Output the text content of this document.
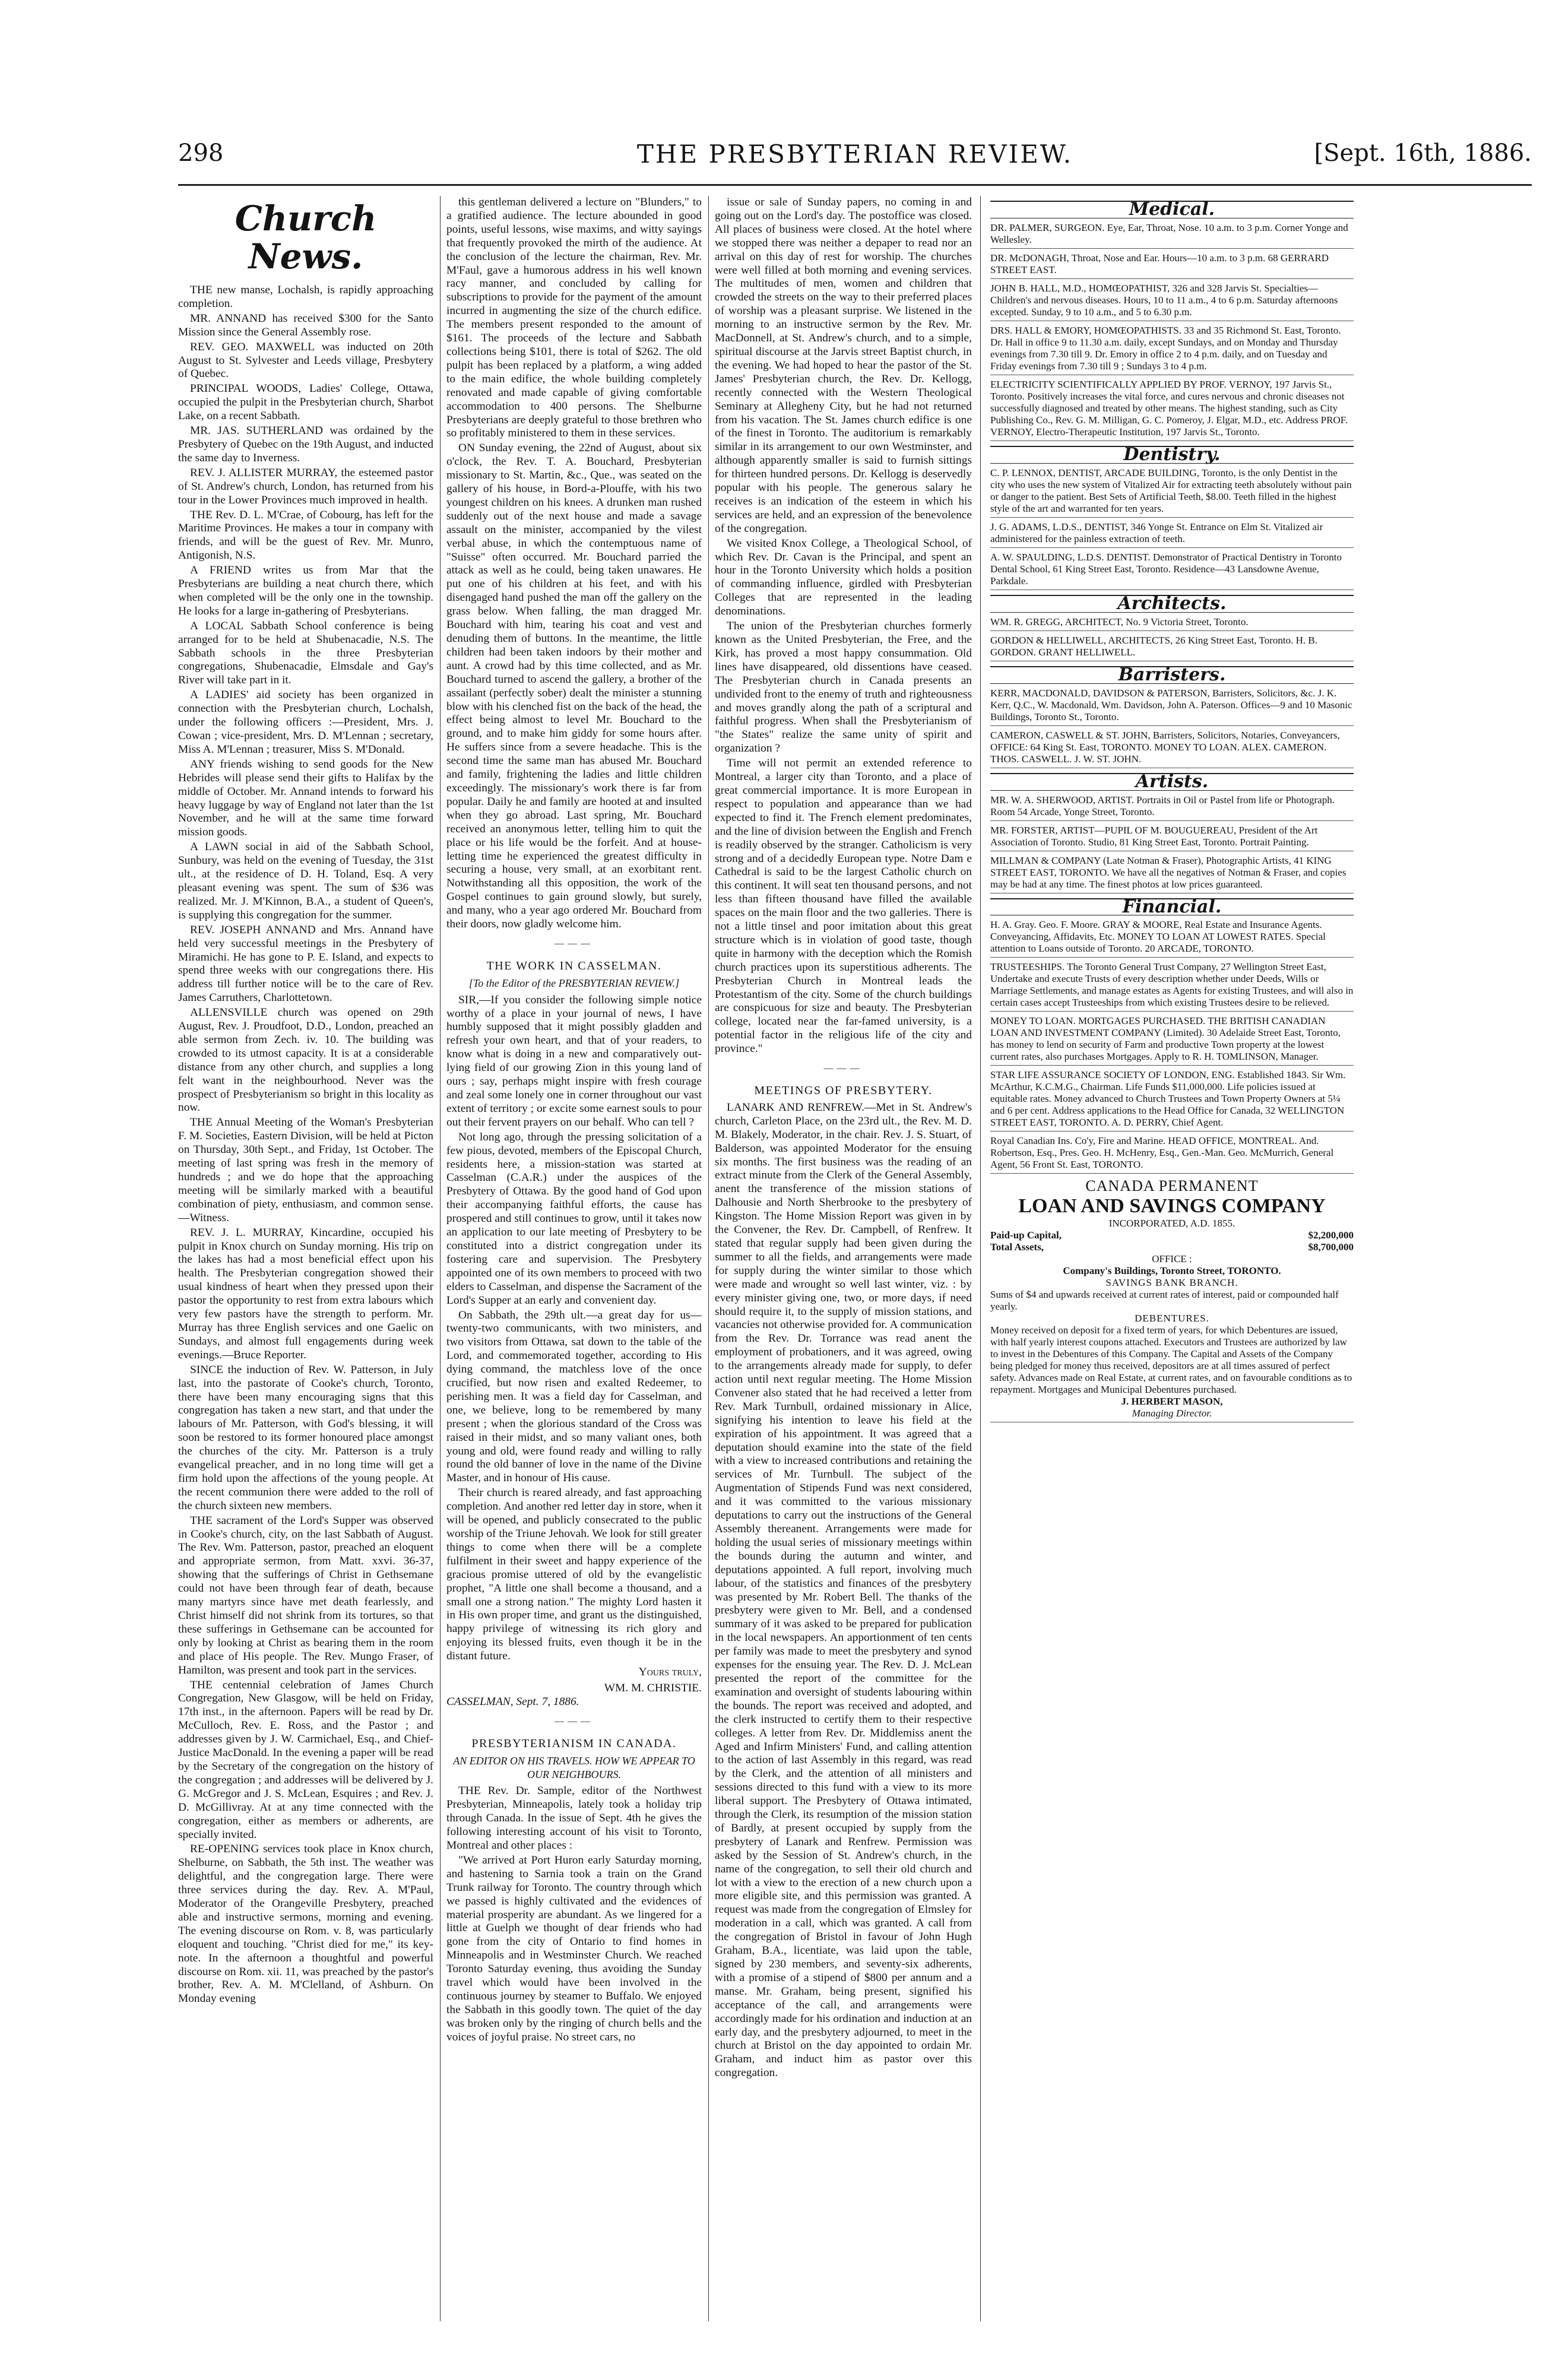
298	THE PRESBYTERIAN REVIEW.	[Sept. 16th, 1886.
Church News.

THE new manse, Lochalsh, is rapidly approaching completion.

MR. ANNAND has received $300 for the Santo Mission since the General Assembly rose.

REV. GEO. MAXWELL was inducted on 20th August to St. Sylvester and Leeds village, Presbytery of Quebec.

PRINCIPAL WOODS, Ladies' College, Ottawa, occupied the pulpit in the Presbyterian church, Sharbot Lake, on a recent Sabbath.

MR. JAS. SUTHERLAND was ordained by the Presbytery of Quebec on the 19th August, and inducted the same day to Inverness.

REV. J. ALLISTER MURRAY, the esteemed pastor of St. Andrew's church, London, has returned from his tour in the Lower Provinces much improved in health.

THE Rev. D. L. M'Crae, of Cobourg, has left for the Maritime Provinces. He makes a tour in company with friends, and will be the guest of Rev. Mr. Munro, Antigonish, N.S.

A FRIEND writes us from Mar that the Presbyterians are building a neat church there, which when completed will be the only one in the township. He looks for a large in-gathering of Presbyterians.

A LOCAL Sabbath School conference is being arranged for to be held at Shubenacadie, N.S. The Sabbath schools in the three Presbyterian congregations, Shubenacadie, Elmsdale and Gay's River will take part in it.

A LADIES' aid society has been organized in connection with the Presbyterian church, Lochalsh, under the following officers :—President, Mrs. J. Cowan ; vice-president, Mrs. D. M'Lennan ; secretary, Miss A. M'Lennan ; treasurer, Miss S. M'Donald.

ANY friends wishing to send goods for the New Hebrides will please send their gifts to Halifax by the middle of October. Mr. Annand intends to forward his heavy luggage by way of England not later than the 1st November, and he will at the same time forward mission goods.

A LAWN social in aid of the Sabbath School, Sunbury, was held on the evening of Tuesday, the 31st ult., at the residence of D. H. Toland, Esq. A very pleasant evening was spent. The sum of $36 was realized. Mr. J. M'Kinnon, B.A., a student of Queen's, is supplying this congregation for the summer.

REV. JOSEPH ANNAND and Mrs. Annand have held very successful meetings in the Presbytery of Miramichi. He has gone to P. E. Island, and expects to spend three weeks with our congregations there. His address till further notice will be to the care of Rev. James Carruthers, Charlottetown.

ALLENSVILLE church was opened on 29th August, Rev. J. Proudfoot, D.D., London, preached an able sermon from Zech. iv. 10. The building was crowded to its utmost capacity. It is at a considerable distance from any other church, and supplies a long felt want in the neighbourhood. Never was the prospect of Presbyterianism so bright in this locality as now.

THE Annual Meeting of the Woman's Presbyterian F. M. Societies, Eastern Division, will be held at Picton on Thursday, 30th Sept., and Friday, 1st October. The meeting of last spring was fresh in the memory of hundreds ; and we do hope that the approaching meeting will be similarly marked with a beautiful combination of piety, enthusiasm, and common sense.—Witness.

REV. J. L. MURRAY, Kincardine, occupied his pulpit in Knox church on Sunday morning. His trip on the lakes has had a most beneficial effect upon his health. The Presbyterian congregation showed their usual kindness of heart when they pressed upon their pastor the opportunity to rest from extra labours which very few pastors have the strength to perform. Mr. Murray has three English services and one Gaelic on Sundays, and almost full engagements during week evenings.—Bruce Reporter.

SINCE the induction of Rev. W. Patterson, in July last, into the pastorate of Cooke's church, Toronto, there have been many encouraging signs that this congregation has taken a new start, and that under the labours of Mr. Patterson, with God's blessing, it will soon be restored to its former honoured place amongst the churches of the city. Mr. Patterson is a truly evangelical preacher, and in no long time will get a firm hold upon the affections of the young people. At the recent communion there were added to the roll of the church sixteen new members.

THE sacrament of the Lord's Supper was observed in Cooke's church, city, on the last Sabbath of August. The Rev. Wm. Patterson, pastor, preached an eloquent and appropriate sermon, from Matt. xxvi. 36-37, showing that the sufferings of Christ in Gethsemane could not have been through fear of death, because many martyrs since have met death fearlessly, and Christ himself did not shrink from its tortures, so that these sufferings in Gethsemane can be accounted for only by looking at Christ as bearing them in the room and place of His people. The Rev. Mungo Fraser, of Hamilton, was present and took part in the services.

THE centennial celebration of James Church Congregation, New Glasgow, will be held on Friday, 17th inst., in the afternoon. Papers will be read by Dr. McCulloch, Rev. E. Ross, and the Pastor ; and addresses given by J. W. Carmichael, Esq., and Chief-Justice MacDonald. In the evening a paper will be read by the Secretary of the congregation on the history of the congregation ; and addresses will be delivered by J. G. McGregor and J. S. McLean, Esquires ; and Rev. J. D. McGillivray. At at any time connected with the congregation, either as members or adherents, are specially invited.

RE-OPENING services took place in Knox church, Shelburne, on Sabbath, the 5th inst. The weather was delightful, and the congregation large. There were three services during the day. Rev. A. M'Paul, Moderator of the Orangeville Presbytery, preached able and instructive sermons, morning and evening. The evening discourse on Rom. v. 8, was particularly eloquent and touching. "Christ died for me," its key-note. In the afternoon a thoughtful and powerful discourse on Rom. xii. 11, was preached by the pastor's brother, Rev. A. M. M'Clelland, of Ashburn. On Monday evening

this gentleman delivered a lecture on "Blunders," to a gratified audience. The lecture abounded in good points, useful lessons, wise maxims, and witty sayings that frequently provoked the mirth of the audience. At the conclusion of the lecture the chairman, Rev. Mr. M'Faul, gave a humorous address in his well known racy manner, and concluded by calling for subscriptions to provide for the payment of the amount incurred in augmenting the size of the church edifice. The members present responded to the amount of $161. The proceeds of the lecture and Sabbath collections being $101, there is total of $262. The old pulpit has been replaced by a platform, a wing added to the main edifice, the whole building completely renovated and made capable of giving comfortable accommodation to 400 persons. The Shelburne Presbyterians are deeply grateful to those brethren who so profitably ministered to them in these services.

ON Sunday evening, the 22nd of August, about six o'clock, the Rev. T. A. Bouchard, Presbyterian missionary to St. Martin, &c., Que., was seated on the gallery of his house, in Bord-a-Plouffe, with his two youngest children on his knees. A drunken man rushed suddenly out of the next house and made a savage assault on the minister, accompanied by the vilest verbal abuse, in which the contemptuous name of "Suisse" often occurred. Mr. Bouchard parried the attack as well as he could, being taken unawares. He put one of his children at his feet, and with his disengaged hand pushed the man off the gallery on the grass below. When falling, the man dragged Mr. Bouchard with him, tearing his coat and vest and denuding them of buttons. In the meantime, the little children had been taken indoors by their mother and aunt. A crowd had by this time collected, and as Mr. Bouchard turned to ascend the gallery, a brother of the assailant (perfectly sober) dealt the minister a stunning blow with his clenched fist on the back of the head, the effect being almost to level Mr. Bouchard to the ground, and to make him giddy for some hours after. He suffers since from a severe headache. This is the second time the same man has abused Mr. Bouchard and family, frightening the ladies and little children exceedingly. The missionary's work there is far from popular. Daily he and family are hooted at and insulted when they go abroad. Last spring, Mr. Bouchard received an anonymous letter, telling him to quit the place or his life would be the forfeit. And at house-letting time he experienced the greatest difficulty in securing a house, very small, at an exorbitant rent. Notwithstanding all this opposition, the work of the Gospel continues to gain ground slowly, but surely, and many, who a year ago ordered Mr. Bouchard from their doors, now gladly welcome him.

———
THE WORK IN CASSELMAN.
[To the Editor of the PRESBYTERIAN REVIEW.]

SIR,—If you consider the following simple notice worthy of a place in your journal of news, I have humbly supposed that it might possibly gladden and refresh your own heart, and that of your readers, to know what is doing in a new and comparatively out-lying field of our growing Zion in this young land of ours ; say, perhaps might inspire with fresh courage and zeal some lonely one in corner throughout our vast extent of territory ; or excite some earnest souls to pour out their fervent prayers on our behalf. Who can tell ?

Not long ago, through the pressing solicitation of a few pious, devoted, members of the Episcopal Church, residents here, a mission-station was started at Casselman (C.A.R.) under the auspices of the Presbytery of Ottawa. By the good hand of God upon their accompanying faithful efforts, the cause has prospered and still continues to grow, until it takes now an application to our late meeting of Presbytery to be constituted into a district congregation under its fostering care and supervision. The Presbytery appointed one of its own members to proceed with two elders to Casselman, and dispense the Sacrament of the Lord's Supper at an early and convenient day.

On Sabbath, the 29th ult.—a great day for us—twenty-two communicants, with two ministers, and two visitors from Ottawa, sat down to the table of the Lord, and commemorated together, according to His dying command, the matchless love of the once crucified, but now risen and exalted Redeemer, to perishing men. It was a field day for Casselman, and one, we believe, long to be remembered by many present ; when the glorious standard of the Cross was raised in their midst, and so many valiant ones, both young and old, were found ready and willing to rally round the old banner of love in the name of the Divine Master, and in honour of His cause.

Their church is reared already, and fast approaching completion. And another red letter day in store, when it will be opened, and publicly consecrated to the public worship of the Triune Jehovah. We look for still greater things to come when there will be a complete fulfilment in their sweet and happy experience of the gracious promise uttered of old by the evangelistic prophet, "A little one shall become a thousand, and a small one a strong nation." The mighty Lord hasten it in His own proper time, and grant us the distinguished, happy privilege of witnessing its rich glory and enjoying its blessed fruits, even though it be in the distant future.

Yours truly,
WM. M. CHRISTIE.
CASSELMAN, Sept. 7, 1886.
———
PRESBYTERIANISM IN CANADA.
AN EDITOR ON HIS TRAVELS. HOW WE APPEAR TO OUR NEIGHBOURS.

THE Rev. Dr. Sample, editor of the Northwest Presbyterian, Minneapolis, lately took a holiday trip through Canada. In the issue of Sept. 4th he gives the following interesting account of his visit to Toronto, Montreal and other places :

"We arrived at Port Huron early Saturday morning, and hastening to Sarnia took a train on the Grand Trunk railway for Toronto. The country through which we passed is highly cultivated and the evidences of material prosperity are abundant. As we lingered for a little at Guelph we thought of dear friends who had gone from the city of Ontario to find homes in Minneapolis and in Westminster Church. We reached Toronto Saturday evening, thus avoiding the Sunday travel which would have been involved in the continuous journey by steamer to Buffalo. We enjoyed the Sabbath in this goodly town. The quiet of the day was broken only by the ringing of church bells and the voices of joyful praise. No street cars, no

issue or sale of Sunday papers, no coming in and going out on the Lord's day. The postoffice was closed. All places of business were closed. At the hotel where we stopped there was neither a depaper to read nor an arrival on this day of rest for worship. The churches were well filled at both morning and evening services. The multitudes of men, women and children that crowded the streets on the way to their preferred places of worship was a pleasant surprise. We listened in the morning to an instructive sermon by the Rev. Mr. MacDonnell, at St. Andrew's church, and to a simple, spiritual discourse at the Jarvis street Baptist church, in the evening. We had hoped to hear the pastor of the St. James' Presbyterian church, the Rev. Dr. Kellogg, recently connected with the Western Theological Seminary at Allegheny City, but he had not returned from his vacation. The St. James church edifice is one of the finest in Toronto. The auditorium is remarkably similar in its arrangement to our own Westminster, and although apparently smaller is said to furnish sittings for thirteen hundred persons. Dr. Kellogg is deservedly popular with his people. The generous salary he receives is an indication of the esteem in which his services are held, and an expression of the benevolence of the congregation.

We visited Knox College, a Theological School, of which Rev. Dr. Cavan is the Principal, and spent an hour in the Toronto University which holds a position of commanding influence, girdled with Presbyterian Colleges that are represented in the leading denominations.

The union of the Presbyterian churches formerly known as the United Presbyterian, the Free, and the Kirk, has proved a most happy consummation. Old lines have disappeared, old dissentions have ceased. The Presbyterian church in Canada presents an undivided front to the enemy of truth and righteousness and moves grandly along the path of a scriptural and faithful progress. When shall the Presbyterianism of "the States" realize the same unity of spirit and organization ?

Time will not permit an extended reference to Montreal, a larger city than Toronto, and a place of great commercial importance. It is more European in respect to population and appearance than we had expected to find it. The French element predominates, and the line of division between the English and French is readily observed by the stranger. Catholicism is very strong and of a decidedly European type. Notre Dam e Cathedral is said to be the largest Catholic church on this continent. It will seat ten thousand persons, and not less than fifteen thousand have filled the available spaces on the main floor and the two galleries. There is not a little tinsel and poor imitation about this great structure which is in violation of good taste, though quite in harmony with the deception which the Romish church practices upon its superstitious adherents. The Presbyterian Church in Montreal leads the Protestantism of the city. Some of the church buildings are conspicuous for size and beauty. The Presbyterian college, located near the far-famed university, is a potential factor in the religious life of the city and province."

———
MEETINGS OF PRESBYTERY.

LANARK AND RENFREW.—Met in St. Andrew's church, Carleton Place, on the 23rd ult., the Rev. M. D. M. Blakely, Moderator, in the chair. Rev. J. S. Stuart, of Balderson, was appointed Moderator for the ensuing six months. The first business was the reading of an extract minute from the Clerk of the General Assembly, anent the transference of the mission stations of Dalhousie and North Sherbrooke to the presbytery of Kingston. The Home Mission Report was given in by the Convener, the Rev. Dr. Campbell, of Renfrew. It stated that regular supply had been given during the summer to all the fields, and arrangements were made for supply during the winter similar to those which were made and wrought so well last winter, viz. : by every minister giving one, two, or more days, if need should require it, to the supply of mission stations, and vacancies not otherwise provided for. A communication from the Rev. Dr. Torrance was read anent the employment of probationers, and it was agreed, owing to the arrangements already made for supply, to defer action until next regular meeting. The Home Mission Convener also stated that he had received a letter from Rev. Mark Turnbull, ordained missionary in Alice, signifying his intention to leave his field at the expiration of his appointment. It was agreed that a deputation should examine into the state of the field with a view to increased contributions and retaining the services of Mr. Turnbull. The subject of the Augmentation of Stipends Fund was next considered, and it was committed to the various missionary deputations to carry out the instructions of the General Assembly thereanent. Arrangements were made for holding the usual series of missionary meetings within the bounds during the autumn and winter, and deputations appointed. A full report, involving much labour, of the statistics and finances of the presbytery was presented by Mr. Robert Bell. The thanks of the presbytery were given to Mr. Bell, and a condensed summary of it was asked to be prepared for publication in the local newspapers. An apportionment of ten cents per family was made to meet the presbytery and synod expenses for the ensuing year. The Rev. D. J. McLean presented the report of the committee for the examination and oversight of students labouring within the bounds. The report was received and adopted, and the clerk instructed to certify them to their respective colleges. A letter from Rev. Dr. Middlemiss anent the Aged and Infirm Ministers' Fund, and calling attention to the action of last Assembly in this regard, was read by the Clerk, and the attention of all ministers and sessions directed to this fund with a view to its more liberal support. The Presbytery of Ottawa intimated, through the Clerk, its resumption of the mission station of Bardly, at present occupied by supply from the presbytery of Lanark and Renfrew. Permission was asked by the Session of St. Andrew's church, in the name of the congregation, to sell their old church and lot with a view to the erection of a new church upon a more eligible site, and this permission was granted. A request was made from the congregation of Elmsley for moderation in a call, which was granted. A call from the congregation of Bristol in favour of John Hugh Graham, B.A., licentiate, was laid upon the table, signed by 230 members, and seventy-six adherents, with a promise of a stipend of $800 per annum and a manse. Mr. Graham, being present, signified his acceptance of the call, and arrangements were accordingly made for his ordination and induction at an early day, and the presbytery adjourned, to meet in the church at Bristol on the day appointed to ordain Mr. Graham, and induct him as pastor over this congregation.

Medical.
DR. PALMER, SURGEON. Eye, Ear, Throat, Nose. 10 a.m. to 3 p.m. Corner Yonge and Wellesley.
DR. McDONAGH, Throat, Nose and Ear. Hours—10 a.m. to 3 p.m. 68 GERRARD STREET EAST.
JOHN B. HALL, M.D., HOMŒOPATHIST, 326 and 328 Jarvis St. Specialties—Children's and nervous diseases. Hours, 10 to 11 a.m., 4 to 6 p.m. Saturday afternoons excepted. Sunday, 9 to 10 a.m., and 5 to 6.30 p.m.
DRS. HALL & EMORY, HOMŒOPATHISTS. 33 and 35 Richmond St. East, Toronto. Dr. Hall in office 9 to 11.30 a.m. daily, except Sundays, and on Monday and Thursday evenings from 7.30 till 9. Dr. Emory in office 2 to 4 p.m. daily, and on Tuesday and Friday evenings from 7.30 till 9 ; Sundays 3 to 4 p.m.
ELECTRICITY SCIENTIFICALLY APPLIED BY PROF. VERNOY, 197 Jarvis St., Toronto. Positively increases the vital force, and cures nervous and chronic diseases not successfully diagnosed and treated by other means. The highest standing, such as City Publishing Co., Rev. G. M. Milligan, G. C. Pomeroy, J. Elgar, M.D., etc. Address PROF. VERNOY, Electro-Therapeutic Institution, 197 Jarvis St., Toronto.
Dentistry.
C. P. LENNOX, DENTIST, ARCADE BUILDING, Toronto, is the only Dentist in the city who uses the new system of Vitalized Air for extracting teeth absolutely without pain or danger to the patient. Best Sets of Artificial Teeth, $8.00. Teeth filled in the highest style of the art and warranted for ten years.
J. G. ADAMS, L.D.S., DENTIST, 346 Yonge St. Entrance on Elm St. Vitalized air administered for the painless extraction of teeth.
A. W. SPAULDING, L.D.S. DENTIST. Demonstrator of Practical Dentistry in Toronto Dental School, 61 King Street East, Toronto. Residence—43 Lansdowne Avenue, Parkdale.
Architects.
WM. R. GREGG, ARCHITECT, No. 9 Victoria Street, Toronto.
GORDON & HELLIWELL, ARCHITECTS, 26 King Street East, Toronto. H. B. GORDON. GRANT HELLIWELL.
Barristers.
KERR, MACDONALD, DAVIDSON & PATERSON, Barristers, Solicitors, &c. J. K. Kerr, Q.C., W. Macdonald, Wm. Davidson, John A. Paterson. Offices—9 and 10 Masonic Buildings, Toronto St., Toronto.
CAMERON, CASWELL & ST. JOHN, Barristers, Solicitors, Notaries, Conveyancers, OFFICE: 64 King St. East, TORONTO. MONEY TO LOAN. ALEX. CAMERON. THOS. CASWELL. J. W. ST. JOHN.
Artists.
MR. W. A. SHERWOOD, ARTIST. Portraits in Oil or Pastel from life or Photograph. Room 54 Arcade, Yonge Street, Toronto.
MR. FORSTER, ARTIST—PUPIL OF M. BOUGUEREAU, President of the Art Association of Toronto. Studio, 81 King Street East, Toronto. Portrait Painting.
MILLMAN & COMPANY (Late Notman & Fraser), Photographic Artists, 41 KING STREET EAST, TORONTO. We have all the negatives of Notman & Fraser, and copies may be had at any time. The finest photos at low prices guaranteed.
Financial.
H. A. Gray. Geo. F. Moore. GRAY & MOORE, Real Estate and Insurance Agents. Conveyancing, Affidavits, Etc. MONEY TO LOAN AT LOWEST RATES. Special attention to Loans outside of Toronto. 20 ARCADE, TORONTO.
TRUSTEESHIPS. The Toronto General Trust Company, 27 Wellington Street East, Undertake and execute Trusts of every description whether under Deeds, Wills or Marriage Settlements, and manage estates as Agents for existing Trustees, and will also in certain cases accept Trusteeships from which existing Trustees desire to be relieved.
MONEY TO LOAN. MORTGAGES PURCHASED. THE BRITISH CANADIAN LOAN AND INVESTMENT COMPANY (Limited). 30 Adelaide Street East, Toronto, has money to lend on security of Farm and productive Town property at the lowest current rates, also purchases Mortgages. Apply to R. H. TOMLINSON, Manager.
STAR LIFE ASSURANCE SOCIETY OF LONDON, ENG. Established 1843. Sir Wm. McArthur, K.C.M.G., Chairman. Life Funds $11,000,000. Life policies issued at equitable rates. Money advanced to Church Trustees and Town Property Owners at 5¼ and 6 per cent. Address applications to the Head Office for Canada, 32 WELLINGTON STREET EAST, TORONTO. A. D. PERRY, Chief Agent.
Royal Canadian Ins. Co'y, Fire and Marine. HEAD OFFICE, MONTREAL. And. Robertson, Esq., Pres. Geo. H. McHenry, Esq., Gen.-Man. Geo. McMurrich, General Agent, 56 Front St. East, TORONTO.
CANADA PERMANENT
LOAN AND SAVINGS COMPANY
INCORPORATED, A.D. 1855.
Paid-up Capital,	$2,200,000
Total Assets,	$8,700,000
OFFICE :
Company's Buildings, Toronto Street, TORONTO.
SAVINGS BANK BRANCH.
Sums of $4 and upwards received at current rates of interest, paid or compounded half yearly.
DEBENTURES.
Money received on deposit for a fixed term of years, for which Debentures are issued, with half yearly interest coupons attached. Executors and Trustees are authorized by law to invest in the Debentures of this Company. The Capital and Assets of the Company being pledged for money thus received, depositors are at all times assured of perfect safety. Advances made on Real Estate, at current rates, and on favourable conditions as to repayment. Mortgages and Municipal Debentures purchased.
J. HERBERT MASON,
Managing Director.
